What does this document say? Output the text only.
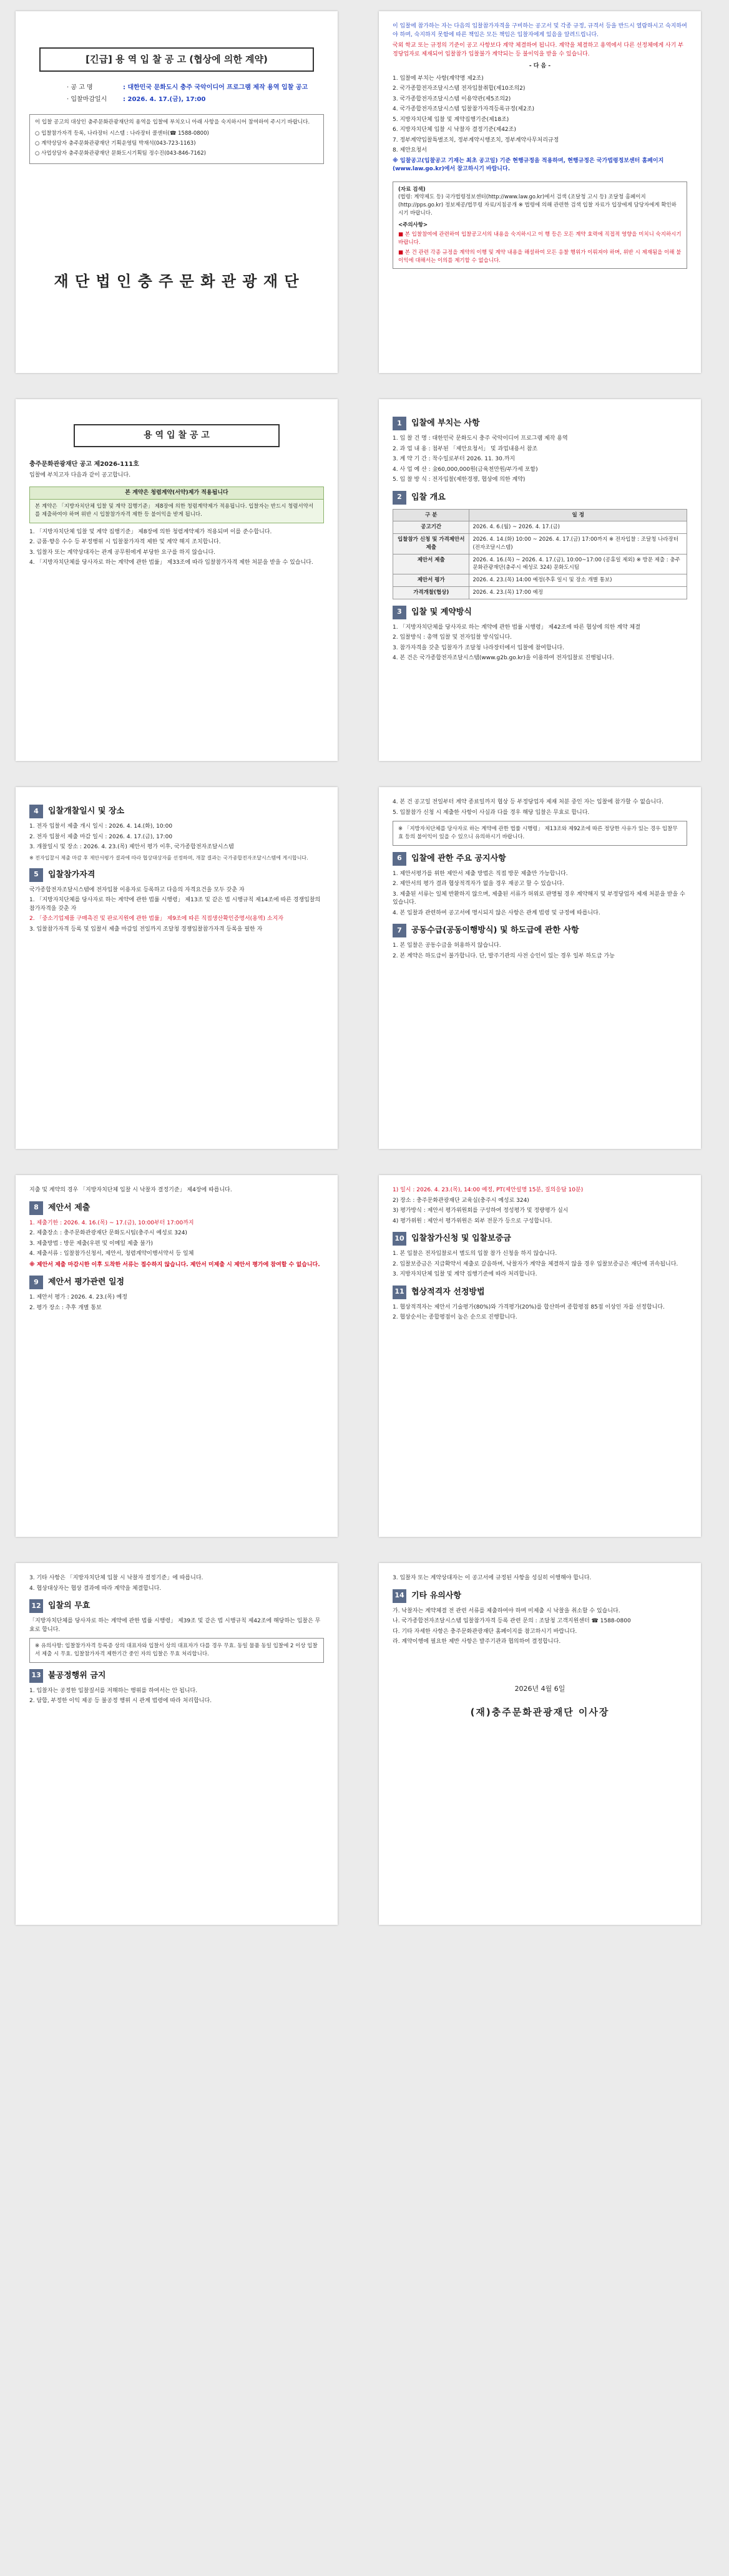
[긴급] 용 역 입 찰 공 고 (협상에 의한 계약)
· 공 고 명	: 대한민국 문화도시 충주 국악이디어 프로그램 제작 용역 입찰 공고
· 입찰마감일시	: 2026. 4. 17.(금), 17:00
이 입찰 공고의 대상인 충주문화관광재단의 용역을 입찰에 부치오니 아래 사항을 숙지하시어 참여하여 주시기 바랍니다.
○ 입찰참가자격 등록, 나라장터 시스템 : 나라장터 콜센터(☎ 1588-0800)
○ 계약상담자 충주문화관광재단 기획운영팀 박재석(043-723-1163)
○ 사업상담자 충주문화관광재단 문화도시기획팀 정수진(043-846-7162)
재 단 법 인 충 주 문 화 관 광 재 단
이 입찰에 참가하는 자는 다음의 입찰참가자격을 구비하는 공고서 및 각종 규정, 규격서 등을 반드시 열람하시고 숙지하여야 하며, 숙지하지 못함에 따른 책임은 모든 책임은 입찰자에게 있음을 알려드립니다.
국외 학교 또는 규정의 기준이 공고 사항보다 계약 체결하여 됩니다. 계약을 체결하고 용역에서 다른 선정체에게 사기 부정당업자로 제재되어 입찰참가 입찰불가 계약되는 등 불이익을 받을 수 있습니다.
- 다 음 -
1. 입찰에 부치는 사항(계약명 제2조)
2. 국가종합전자조달시스템 전자입찰취합(제10조의2)
3. 국가종합전자조달시스템 이용약관(제5조의2)
4. 국가종합전자조달시스템 입찰참가자격등록규정(제2조)
5. 지방자치단체 입찰 및 계약집행기준(제18조)
6. 지방자치단체 입찰 시 낙찰자 결정기준(제42조)
7. 정부계약입찰특별조치, 정부계약시행조치, 정부계약사무처리규정
8. 제안요청서
※ 입찰공고(입찰공고 기재는 최초 공고일) 기준 현행규정을 적용하며, 현행규정은 국가법령정보센터 홈페이지(www.law.go.kr)에서 참고하시기 바랍니다.
(자료 검색)
(법령: 계약제도 등) 국가법령정보센터(http://www.law.go.kr)에서 검색 (조달청 고시 등) 조달청 홈페이지(http://pps.go.kr) 정보제공/법무령 자료/지침공개 ※ 법령에 의해 관련한 검색 입찰 자료가 입장에게 담당자에게 확인하시기 바랍니다.
<주의사항>
■ 본 입찰참여에 관련하여 입찰공고서의 내용을 숙지하시고 이 행 등은 모든 계약 효력에 직접적 영향을 미치니 숙지하시기 바랍니다.
■ 본 건 관련 각종 규정을 계약의 이행 및 계약 내용을 해설하여 모든 응찰 행위가 이뤄져야 하며, 위반 시 제재됨을 이해 불이익에 대해서는 이의를 제기할 수 없습니다.
용 역 입 찰 공 고
충주문화관광재단 공고 제2026-111호
입찰에 부치고자 다음과 같이 공고합니다.
본 계약은 청렴계약(서약)제가 적용됩니다
본 계약은 「지방자치단체 입찰 및 계약 집행기준」 제8장에 의한 청렴계약제가 적용됩니다. 입찰자는 반드시 청렴서약서를 제출하여야 하며 위반 시 입찰참가자격 제한 등 불이익을 받게 됩니다.
1. 「지방자치단체 입찰 및 계약 집행기준」 제8장에 의한 청렴계약제가 적용되며 이를 준수합니다.
2. 금품·향응 수수 등 부정행위 시 입찰참가자격 제한 및 계약 해지 조치합니다.
3. 입찰자 또는 계약상대자는 관계 공무원에게 부당한 요구를 하지 않습니다.
4. 「지방자치단체를 당사자로 하는 계약에 관한 법률」 제33조에 따라 입찰참가자격 제한 처분을 받을 수 있습니다.
1	입찰에 부치는 사항
1. 입 찰 건 명 : 대한민국 문화도시 충주 국악이디어 프로그램 제작 용역
2. 과 업 내 용 : 첨부된 「제안요청서」 및 과업내용서 참조
3. 계 약 기 간 : 착수일로부터 2026. 11. 30.까지
4. 사 업 예 산 : 金60,000,000원(금육천만원/부가세 포함)
5. 입 찰 방 식 : 전자입찰(제한경쟁, 협상에 의한 계약)
2	입찰 개요
구 분	일 정
공고기간	2026. 4. 6.(월) ~ 2026. 4. 17.(금)
입찰참가 신청 및 가격제안서 제출	2026. 4. 14.(화) 10:00 ~ 2026. 4. 17.(금) 17:00까지 ※ 전자입찰 : 조달청 나라장터(전자조달시스템)
제안서 제출	2026. 4. 16.(목) ~ 2026. 4. 17.(금), 10:00~17:00 (공휴일 제외) ※ 방문 제출 : 충주문화관광재단(충주시 예성로 324) 문화도시팀
제안서 평가	2026. 4. 23.(목) 14:00 예정(추후 일시 및 장소 개별 통보)
가격개찰(협상)	2026. 4. 23.(목) 17:00 예정
3	입찰 및 계약방식
1. 「지방자치단체를 당사자로 하는 계약에 관한 법률 시행령」 제42조에 따른 협상에 의한 계약 체결
2. 입찰방식 : 총액 입찰 및 전자입찰 방식입니다.
3. 참가자격을 갖춘 입찰자가 조달청 나라장터에서 입찰에 참여합니다.
4. 본 건은 국가종합전자조달시스템(www.g2b.go.kr)을 이용하여 전자입찰로 진행됩니다.
4	입찰개찰일시 및 장소
1. 전자 입찰서 제출 개시 일시 : 2026. 4. 14.(화), 10:00
2. 전자 입찰서 제출 마감 일시 : 2026. 4. 17.(금), 17:00
3. 개찰일시 및 장소 : 2026. 4. 23.(목) 제안서 평가 이후, 국가종합전자조달시스템
※ 전자입찰서 제출 마감 후 제안서평가 결과에 따라 협상대상자를 선정하며, 개찰 결과는 국가종합전자조달시스템에 게시합니다.
5	입찰참가자격
국가종합전자조달시스템에 전자입찰 이용자로 등록하고 다음의 자격요건을 모두 갖춘 자
1. 「지방자치단체를 당사자로 하는 계약에 관한 법률 시행령」 제13조 및 같은 법 시행규칙 제14조에 따른 경쟁입찰의 참가자격을 갖춘 자
2. 「중소기업제품 구매촉진 및 판로지원에 관한 법률」 제9조에 따른 직접생산확인증명서(용역) 소지자
3. 입찰참가자격 등록 및 입찰서 제출 마감일 전일까지 조달청 경쟁입찰참가자격 등록을 필한 자
4. 본 건 공고일 전일부터 계약 종료일까지 협상 등 부정당업자 제재 처분 중인 자는 입찰에 참가할 수 없습니다.
5. 입찰참가 신청 시 제출한 사항이 사실과 다를 경우 해당 입찰은 무효로 합니다.
※ 「지방자치단체를 당사자로 하는 계약에 관한 법률 시행령」 제13조와 제92조에 따른 정당한 사유가 있는 경우 입찰무효 등의 불이익이 있을 수 있으니 유의하시기 바랍니다.
6	입찰에 관한 주요 공지사항
1. 제안서평가를 위한 제안서 제출 방법은 직접 방문 제출만 가능합니다.
2. 제안서의 평가 결과 협상적격자가 없을 경우 재공고 할 수 있습니다.
3. 제출된 서류는 일체 반환하지 않으며, 제출된 서류가 허위로 판명될 경우 계약해지 및 부정당업자 제재 처분을 받을 수 있습니다.
4. 본 입찰과 관련하여 공고서에 명시되지 않은 사항은 관계 법령 및 규정에 따릅니다.
7	공동수급(공동이행방식) 및 하도급에 관한 사항
1. 본 입찰은 공동수급을 허용하지 않습니다.
2. 본 계약은 하도급이 불가합니다. 단, 발주기관의 사전 승인이 있는 경우 일부 하도급 가능
지출 및 계약의 경우 「지방자치단체 입찰 시 낙찰자 결정기준」 제4장에 따릅니다.
8	제안서 제출
1. 제출기한 : 2026. 4. 16.(목) ~ 17.(금), 10:00부터 17:00까지
2. 제출장소 : 충주문화관광재단 문화도시팀(충주시 예성로 324)
3. 제출방법 : 방문 제출(우편 및 이메일 제출 불가)
4. 제출서류 : 입찰참가신청서, 제안서, 청렴계약이행서약서 등 일체
※ 제안서 제출 마감시한 이후 도착한 서류는 접수하지 않습니다. 제안서 미제출 시 제안서 평가에 참여할 수 없습니다.
9	제안서 평가관련 일정
1. 제안서 평가 : 2026. 4. 23.(목) 예정
2. 평가 장소 : 추후 개별 통보
1) 일시 : 2026. 4. 23.(목), 14:00 예정, PT(제안설명 15분, 질의응답 10분)
2) 장소 : 충주문화관광재단 교육실(충주시 예성로 324)
3) 평가방식 : 제안서 평가위원회를 구성하여 정성평가 및 정량평가 실시
4) 평가위원 : 제안서 평가위원은 외부 전문가 등으로 구성합니다.
10 입찰참가신청 및 입찰보증금
1. 본 입찰은 전자입찰로서 별도의 입찰 참가 신청을 하지 않습니다.
2. 입찰보증금은 지급확약서 제출로 갈음하며, 낙찰자가 계약을 체결하지 않을 경우 입찰보증금은 재단에 귀속됩니다.
3. 지방자치단체 입찰 및 계약 집행기준에 따라 처리합니다.
11 협상적격자 선정방법
1. 협상적격자는 제안서 기술평가(80%)와 가격평가(20%)를 합산하여 종합평점 85점 이상인 자를 선정합니다.
2. 협상순서는 종합평점이 높은 순으로 진행합니다.
3. 기타 사항은 「지방자치단체 입찰 시 낙찰자 결정기준」에 따릅니다.
4. 협상대상자는 협상 결과에 따라 계약을 체결합니다.
12 입찰의 무효
「지방자치단체를 당사자로 하는 계약에 관한 법률 시행령」 제39조 및 같은 법 시행규칙 제42조에 해당하는 입찰은 무효로 합니다.
※ 유의사항: 입찰참가자격 등록증 상의 대표자와 입찰서 상의 대표자가 다를 경우 무효. 동일 물품 동일 입찰에 2 이상 입찰서 제출 시 무효. 입찰참가자격 제한기간 중인 자의 입찰은 무효 처리합니다.
13 불공정행위 금지
1. 입찰자는 공정한 입찰질서를 저해하는 행위를 하여서는 안 됩니다.
2. 담합, 부정한 이익 제공 등 불공정 행위 시 관계 법령에 따라 처리합니다.
3. 입찰자 또는 계약상대자는 이 공고서에 규정된 사항을 성실히 이행해야 합니다.
14 기타 유의사항
가. 낙찰자는 계약체결 전 관련 서류를 제출하여야 하며 미제출 시 낙찰을 취소할 수 있습니다.
나. 국가종합전자조달시스템 입찰참가자격 등록 관련 문의 : 조달청 고객지원센터 ☎ 1588-0800
다. 기타 자세한 사항은 충주문화관광재단 홈페이지를 참고하시기 바랍니다.
라. 계약이행에 필요한 제반 사항은 발주기관과 협의하여 결정합니다.
2026년 4월 6일
(재)충주문화관광재단 이사장
